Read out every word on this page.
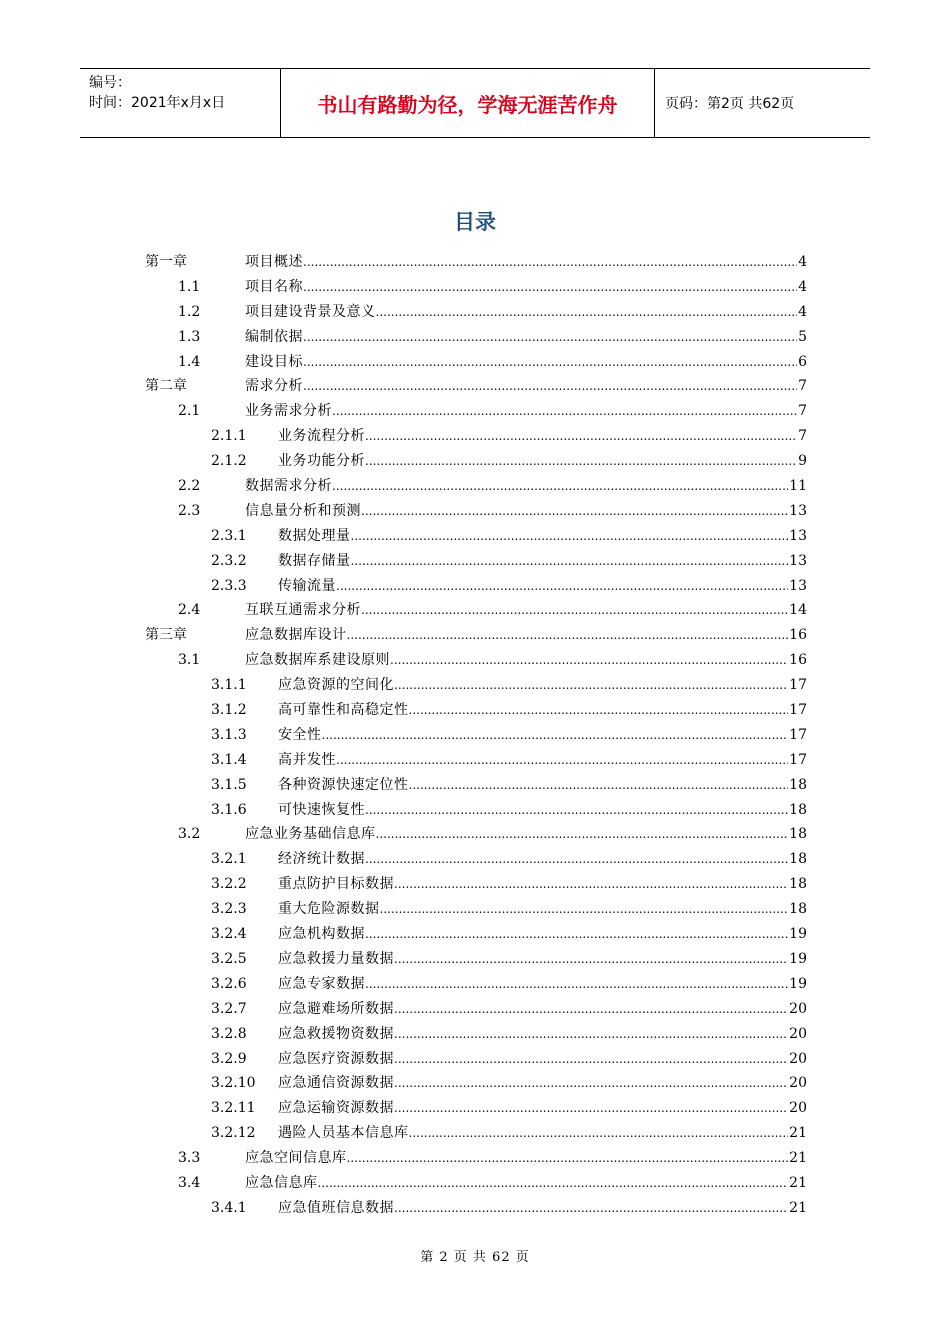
编号：
时间：2021年x月x日	书山有路勤为径，学海无涯苦作舟	页码：第2页 共62页
目录
第一章	项目概述 .....	4
1.1	项目名称 .....	4
1.2	项目建设背景及意义 .....	4
1.3	编制依据 .....	5
1.4	建设目标 .....	6
第二章	需求分析 .....	7
2.1	业务需求分析 .....	7
2.1.1	业务流程分析 .....	7
2.1.2	业务功能分析 .....	9
2.2	数据需求分析 .....	11
2.3	信息量分析和预测 .....	13
2.3.1	数据处理量 .....	13
2.3.2	数据存储量 .....	13
2.3.3	传输流量 .....	13
2.4	互联互通需求分析 .....	14
第三章	应急数据库设计 .....	16
3.1	应急数据库系建设原则 .....	16
3.1.1	应急资源的空间化 .....	17
3.1.2	高可靠性和高稳定性 .....	17
3.1.3	安全性 .....	17
3.1.4	高并发性 .....	17
3.1.5	各种资源快速定位性 .....	18
3.1.6	可快速恢复性 .....	18
3.2	应急业务基础信息库 .....	18
3.2.1	经济统计数据 .....	18
3.2.2	重点防护目标数据 .....	18
3.2.3	重大危险源数据 .....	18
3.2.4	应急机构数据 .....	19
3.2.5	应急救援力量数据 .....	19
3.2.6	应急专家数据 .....	19
3.2.7	应急避难场所数据 .....	20
3.2.8	应急救援物资数据 .....	20
3.2.9	应急医疗资源数据 .....	20
3.2.10	应急通信资源数据 .....	20
3.2.11	应急运输资源数据 .....	20
3.2.12	遇险人员基本信息库 .....	21
3.3	应急空间信息库 .....	21
3.4	应急信息库 .....	21
3.4.1	应急值班信息数据 .....	21
第 2 页 共 62 页
